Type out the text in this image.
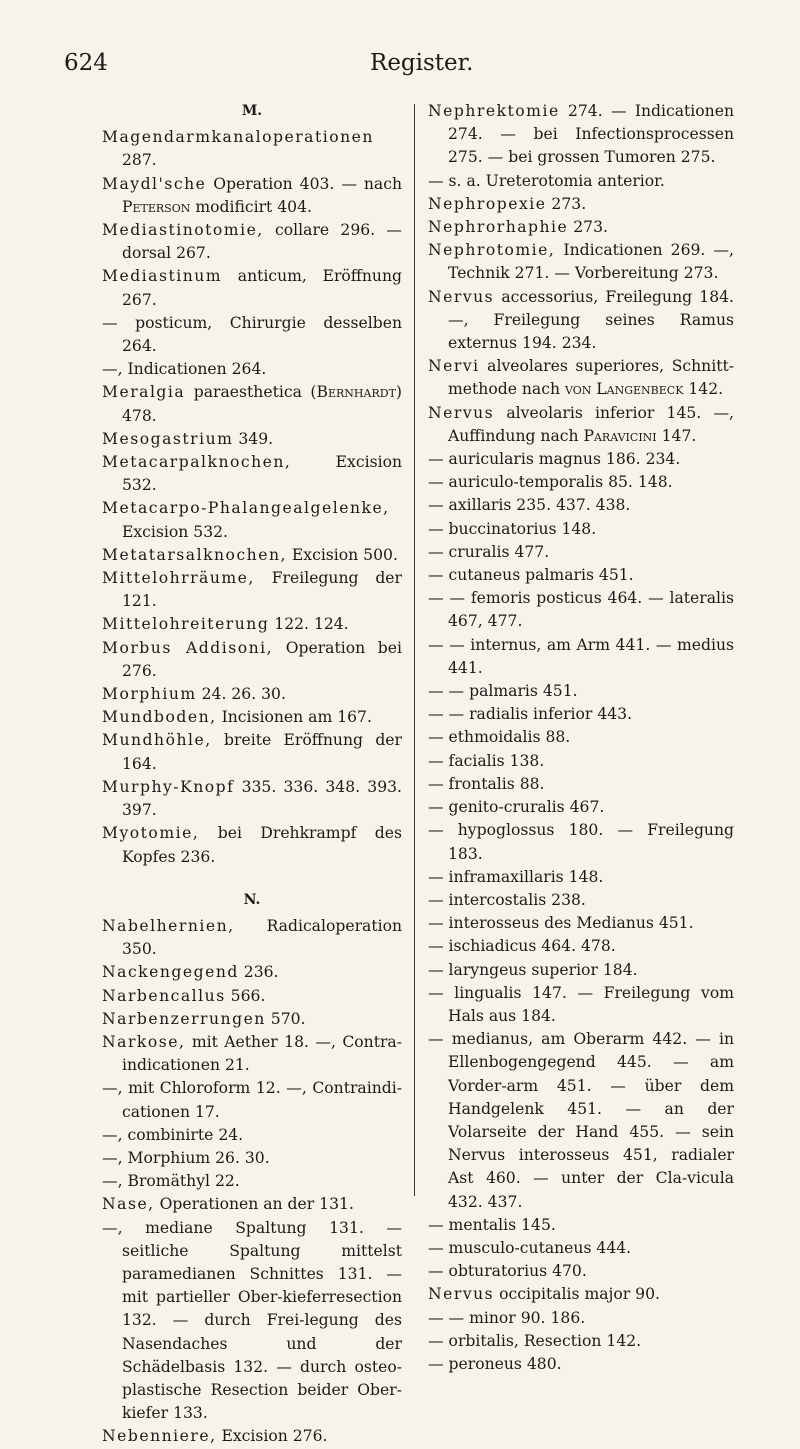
624	Register.
M.

Magendarmkanaloperationen 287.

Maydl'sche Operation 403. — nach Peterson modificirt 404.

Mediastinotomie, collare 296. — dorsal 267.

Mediastinum anticum, Eröffnung 267.

— posticum, Chirurgie desselben 264.

—, Indicationen 264.

Meralgia paraesthetica (Bernhardt) 478.

Mesogastrium 349.

Metacarpalknochen, Excision 532.

Metacarpo-Phalangealgelenke, Excision 532.

Metatarsalknochen, Excision 500.

Mittelohrräume, Freilegung der 121.

Mittelohreiterung 122. 124.

Morbus Addisoni, Operation bei 276.

Morphium 24. 26. 30.

Mundboden, Incisionen am 167.

Mundhöhle, breite Eröffnung der 164.

Murphy-Knopf 335. 336. 348. 393. 397.

Myotomie, bei Drehkrampf des Kopfes 236.

N.

Nabelhernien, Radicaloperation 350.

Nackengegend 236.

Narbencallus 566.

Narbenzerrungen 570.

Narkose, mit Aether 18. —, Contra-indicationen 21.

—, mit Chloroform 12. —, Contraindi-cationen 17.

—, combinirte 24.

—, Morphium 26. 30.

—, Bromäthyl 22.

Nase, Operationen an der 131.

—, mediane Spaltung 131. — seitliche Spaltung mittelst paramedianen Schnittes 131. — mit partieller Ober-kieferresection 132. — durch Frei-legung des Nasendaches und der Schädelbasis 132. — durch osteo-plastische Resection beider Ober-kiefer 133.

Nebenniere, Excision 276.

Nephrektomie 274. — Indicationen 274. — bei Infectionsprocessen 275. — bei grossen Tumoren 275.

— s. a. Ureterotomia anterior.

Nephropexie 273.

Nephrorhaphie 273.

Nephrotomie, Indicationen 269. —, Technik 271. — Vorbereitung 273.

Nervus accessorius, Freilegung 184. —, Freilegung seines Ramus externus 194. 234.

Nervi alveolares superiores, Schnitt-methode nach von Langenbeck 142.

Nervus alveolaris inferior 145. —, Auffindung nach Paravicini 147.

— auricularis magnus 186. 234.

— auriculo-temporalis 85. 148.

— axillaris 235. 437. 438.

— buccinatorius 148.

— cruralis 477.

— cutaneus palmaris 451.

— — femoris posticus 464. — lateralis 467, 477.

— — internus, am Arm 441. — medius 441.

— — palmaris 451.

— — radialis inferior 443.

— ethmoidalis 88.

— facialis 138.

— frontalis 88.

— genito-cruralis 467.

— hypoglossus 180. — Freilegung 183.

— inframaxillaris 148.

— intercostalis 238.

— interosseus des Medianus 451.

— ischiadicus 464. 478.

— laryngeus superior 184.

— lingualis 147. — Freilegung vom Hals aus 184.

— medianus, am Oberarm 442. — in Ellenbogengegend 445. — am Vorder-arm 451. — über dem Handgelenk 451. — an der Volarseite der Hand 455. — sein Nervus interosseus 451, radialer Ast 460. — unter der Cla-vicula 432. 437.

— mentalis 145.

— musculo-cutaneus 444.

— obturatorius 470.

Nervus occipitalis major 90.

— — minor 90. 186.

— orbitalis, Resection 142.

— peroneus 480.
